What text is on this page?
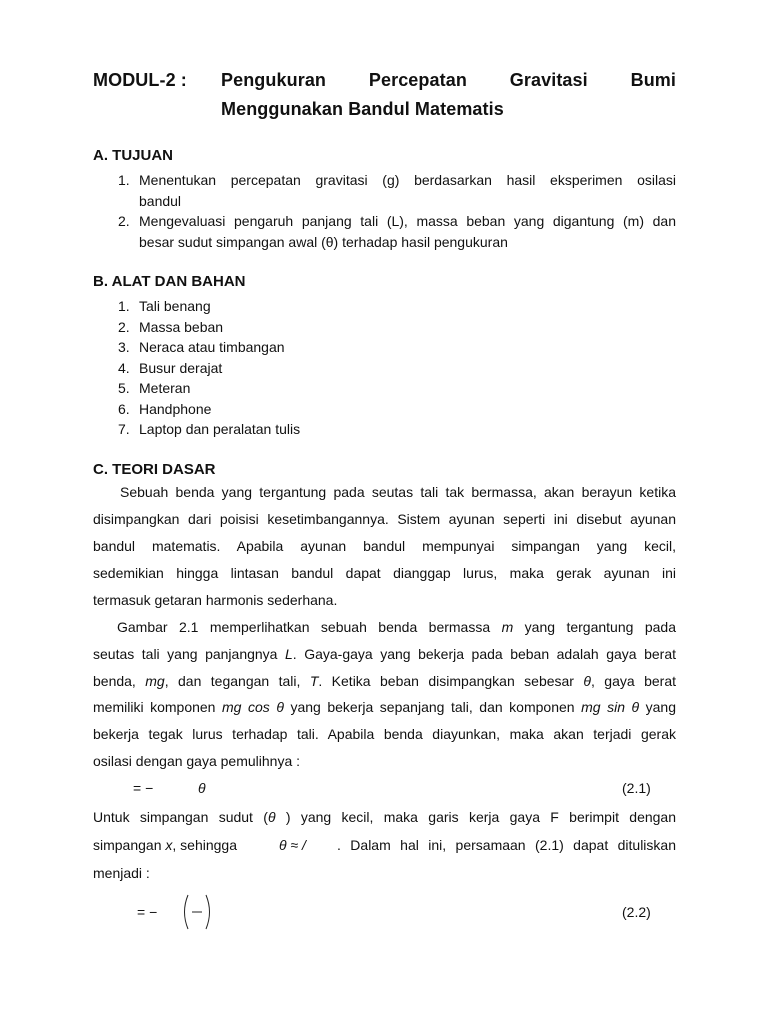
MODUL-2 :	Pengukuran Percepatan Gravitasi Bumi
Menggunakan Bandul Matematis
A. TUJUAN
1. Menentukan percepatan gravitasi (g) berdasarkan hasil eksperimen osilasi
bandul
2. Mengevaluasi pengaruh panjang tali (L), massa beban yang digantung (m) dan
besar sudut simpangan awal (θ) terhadap hasil pengukuran
B. ALAT DAN BAHAN
1. Tali benang
2. Massa beban
3. Neraca atau timbangan
4. Busur derajat
5. Meteran
6. Handphone
7. Laptop dan peralatan tulis
C. TEORI DASAR
Sebuah benda yang tergantung pada seutas tali tak bermassa, akan berayun ketika
disimpangkan dari poisisi kesetimbangannya. Sistem ayunan seperti ini disebut ayunan
bandul matematis. Apabila ayunan bandul mempunyai simpangan yang kecil,
sedemikian hingga lintasan bandul dapat dianggap lurus, maka gerak ayunan ini
termasuk getaran harmonis sederhana.
Gambar 2.1 memperlihatkan sebuah benda bermassa m yang tergantung pada
seutas tali yang panjangnya L. Gaya-gaya yang bekerja pada beban adalah gaya berat
benda, mg, dan tegangan tali, T. Ketika beban disimpangkan sebesar θ, gaya berat
memiliki komponen mg cos θ yang bekerja sepanjang tali, dan komponen mg sin θ yang
bekerja tegak lurus terhadap tali. Apabila benda diayunkan, maka akan terjadi gerak
osilasi dengan gaya pemulihnya :
= −	θ	(2.1)
Untuk simpangan sudut (θ ) yang kecil, maka garis kerja gaya F berimpit dengan
simpangan x, sehingga	θ ≈ / . Dalam hal ini, persamaan (2.1) dapat dituliskan
menjadi :
= −	(2.2)
